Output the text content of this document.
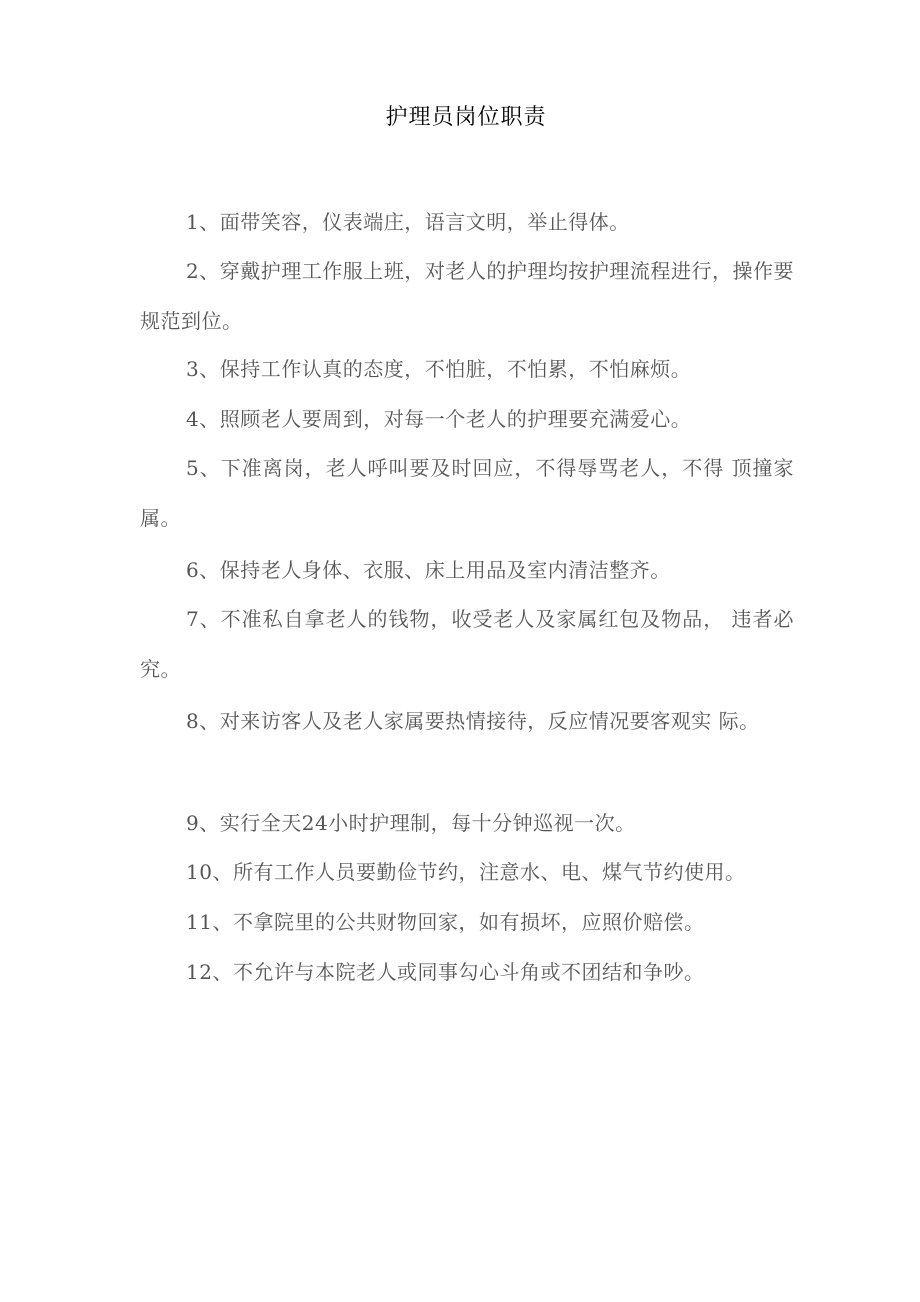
护理员岗位职责

1、面带笑容，仪表端庄，语言文明，举止得体。

2、穿戴护理工作服上班，对老人的护理均按护理流程进行，操作要规范到位。

3、保持工作认真的态度，不怕脏，不怕累，不怕麻烦。

4、照顾老人要周到，对每一个老人的护理要充满爱心。

5、下准离岗，老人呼叫要及时回应，不得辱骂老人，不得 顶撞家属。

6、保持老人身体、衣服、床上用品及室内清洁整齐。

7、不准私自拿老人的钱物，收受老人及家属红包及物品， 违者必究。

8、对来访客人及老人家属要热情接待，反应情况要客观实 际。

9、实行全天24小时护理制，每十分钟巡视一次。

10、所有工作人员要勤俭节约，注意水、电、煤气节约使用。

11、不拿院里的公共财物回家，如有损坏，应照价赔偿。

12、不允许与本院老人或同事勾心斗角或不团结和争吵。
